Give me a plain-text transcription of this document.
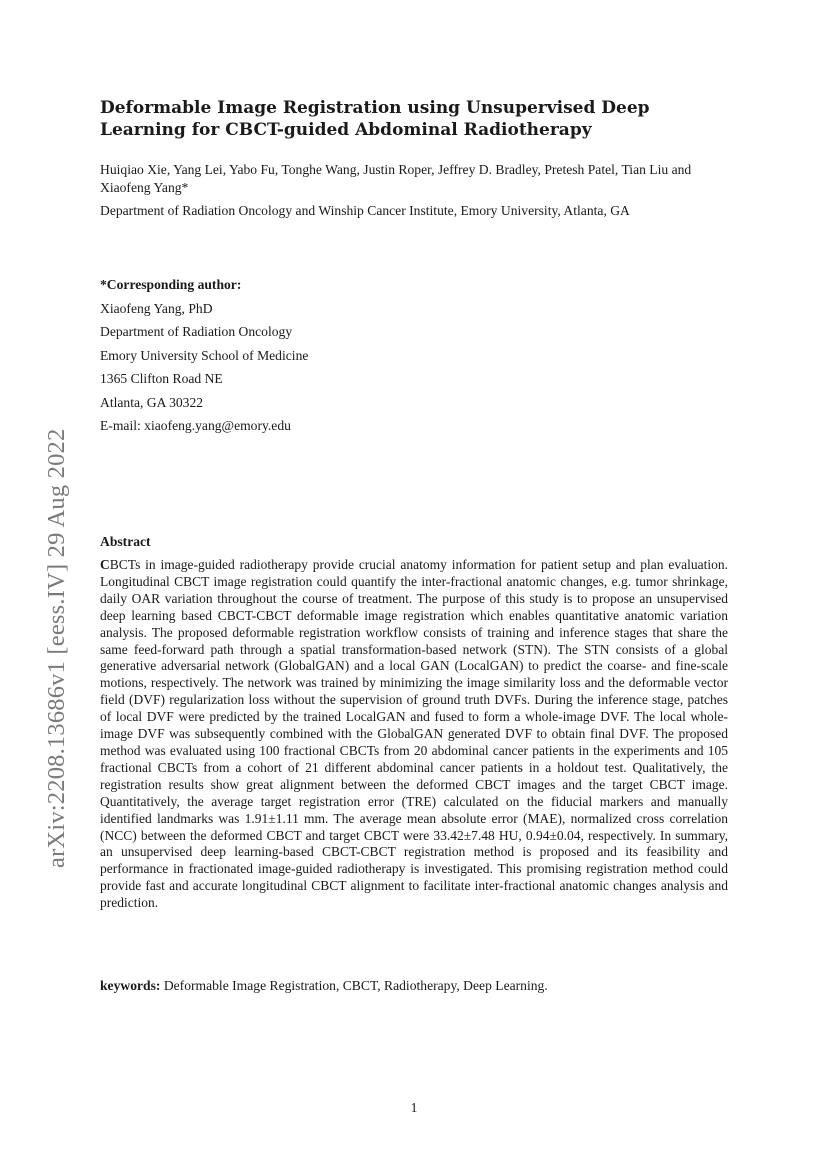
arXiv:2208.13686v1 [eess.IV] 29 Aug 2022
Deformable Image Registration using Unsupervised Deep Learning for CBCT-guided Abdominal Radiotherapy
Huiqiao Xie, Yang Lei, Yabo Fu, Tonghe Wang, Justin Roper, Jeffrey D. Bradley, Pretesh Patel, Tian Liu and Xiaofeng Yang*
Department of Radiation Oncology and Winship Cancer Institute, Emory University, Atlanta, GA
*Corresponding author:
Xiaofeng Yang, PhD
Department of Radiation Oncology
Emory University School of Medicine
1365 Clifton Road NE
Atlanta, GA 30322
E-mail: xiaofeng.yang@emory.edu
Abstract

CBCTs in image-guided radiotherapy provide crucial anatomy information for patient setup and plan evaluation. Longitudinal CBCT image registration could quantify the inter-fractional anatomic changes, e.g. tumor shrinkage, daily OAR variation throughout the course of treatment. The purpose of this study is to propose an unsupervised deep learning based CBCT-CBCT deformable image registration which enables quantitative anatomic variation analysis. The proposed deformable registration workflow consists of training and inference stages that share the same feed-forward path through a spatial transformation-based network (STN). The STN consists of a global generative adversarial network (GlobalGAN) and a local GAN (LocalGAN) to predict the coarse- and fine-scale motions, respectively. The network was trained by minimizing the image similarity loss and the deformable vector field (DVF) regularization loss without the supervision of ground truth DVFs. During the inference stage, patches of local DVF were predicted by the trained LocalGAN and fused to form a whole-image DVF. The local whole-image DVF was subsequently combined with the GlobalGAN generated DVF to obtain final DVF. The proposed method was evaluated using 100 fractional CBCTs from 20 abdominal cancer patients in the experiments and 105 fractional CBCTs from a cohort of 21 different abdominal cancer patients in a holdout test. Qualitatively, the registration results show great alignment between the deformed CBCT images and the target CBCT image. Quantitatively, the average target registration error (TRE) calculated on the fiducial markers and manually identified landmarks was 1.91±1.11 mm. The average mean absolute error (MAE), normalized cross correlation (NCC) between the deformed CBCT and target CBCT were 33.42±7.48 HU, 0.94±0.04, respectively. In summary, an unsupervised deep learning-based CBCT-CBCT registration method is proposed and its feasibility and performance in fractionated image-guided radiotherapy is investigated. This promising registration method could provide fast and accurate longitudinal CBCT alignment to facilitate inter-fractional anatomic changes analysis and prediction.

keywords: Deformable Image Registration, CBCT, Radiotherapy, Deep Learning.
1
